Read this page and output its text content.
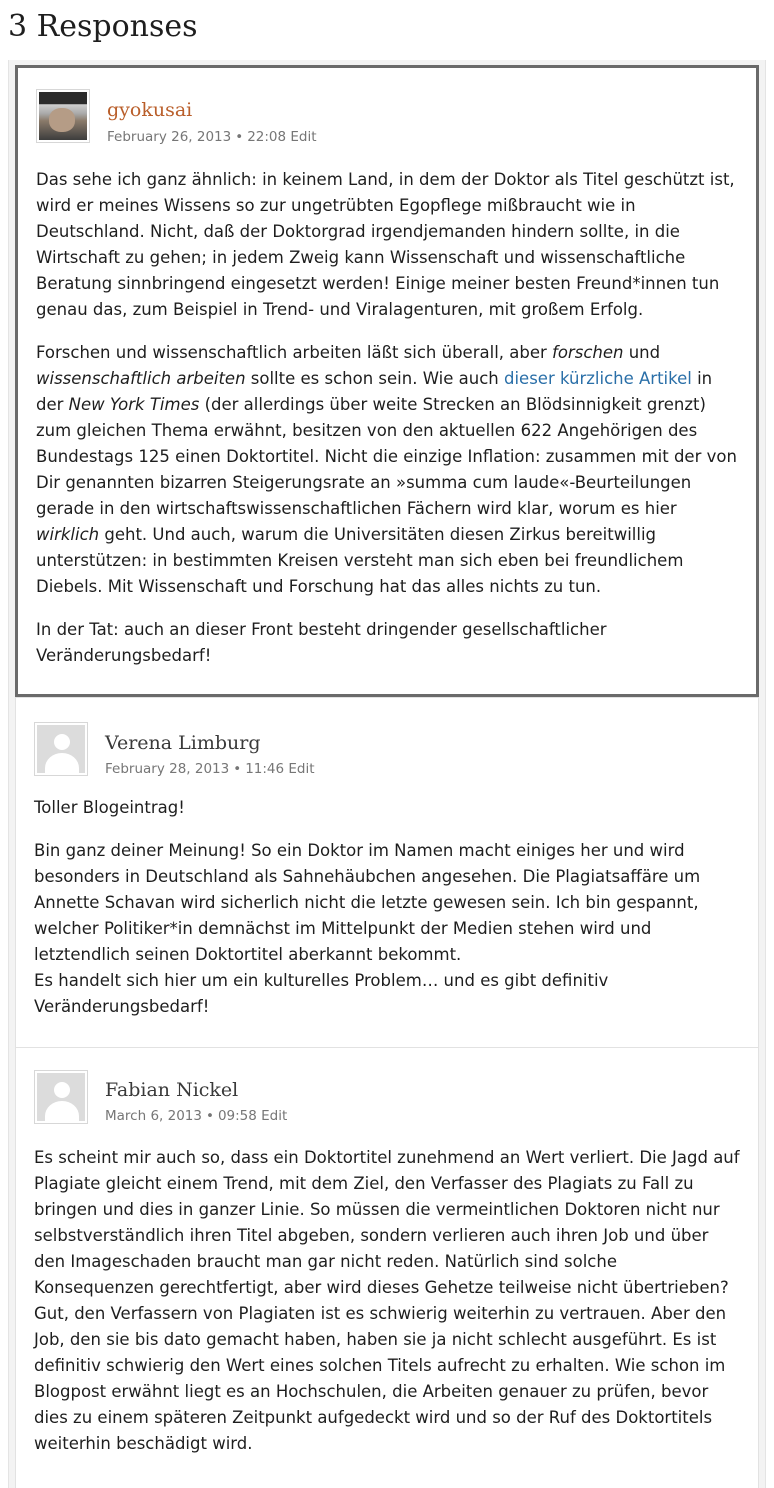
3 Responses
gyokusai
February 26, 2013 • 22:08 Edit

Das sehe ich ganz ähnlich: in keinem Land, in dem der Doktor als Titel geschützt ist, wird er meines Wissens so zur ungetrübten Egopflege mißbraucht wie in Deutschland. Nicht, daß der Doktorgrad irgendjemanden hindern sollte, in die Wirtschaft zu gehen; in jedem Zweig kann Wissenschaft und wissenschaftliche Beratung sinnbringend eingesetzt werden! Einige meiner besten Freund*innen tun genau das, zum Beispiel in Trend- und Viralagenturen, mit großem Erfolg.

Forschen und wissenschaftlich arbeiten läßt sich überall, aber forschen und wissenschaftlich arbeiten sollte es schon sein. Wie auch dieser kürzliche Artikel in der New York Times (der allerdings über weite Strecken an Blödsinnigkeit grenzt) zum gleichen Thema erwähnt, besitzen von den aktuellen 622 Angehörigen des Bundestags 125 einen Doktortitel. Nicht die einzige Inflation: zusammen mit der von Dir genannten bizarren Steigerungsrate an »summa cum laude«-Beurteilungen gerade in den wirtschaftswissenschaftlichen Fächern wird klar, worum es hier wirklich geht. Und auch, warum die Universitäten diesen Zirkus bereitwillig unterstützen: in bestimmten Kreisen versteht man sich eben bei freundlichem Diebels. Mit Wissenschaft und Forschung hat das alles nichts zu tun.

In der Tat: auch an dieser Front besteht dringender gesellschaftlicher Veränderungsbedarf!

Verena Limburg
February 28, 2013 • 11:46 Edit

Toller Blogeintrag!

Bin ganz deiner Meinung! So ein Doktor im Namen macht einiges her und wird besonders in Deutschland als Sahnehäubchen angesehen. Die Plagiatsaffäre um Annette Schavan wird sicherlich nicht die letzte gewesen sein. Ich bin gespannt, welcher Politiker*in demnächst im Mittelpunkt der Medien stehen wird und letztendlich seinen Doktortitel aberkannt bekommt.
Es handelt sich hier um ein kulturelles Problem… und es gibt definitiv Veränderungsbedarf!

Fabian Nickel
March 6, 2013 • 09:58 Edit

Es scheint mir auch so, dass ein Doktortitel zunehmend an Wert verliert. Die Jagd auf Plagiate gleicht einem Trend, mit dem Ziel, den Verfasser des Plagiats zu Fall zu bringen und dies in ganzer Linie. So müssen die vermeintlichen Doktoren nicht nur selbstverständlich ihren Titel abgeben, sondern verlieren auch ihren Job und über den Imageschaden braucht man gar nicht reden. Natürlich sind solche Konsequenzen gerechtfertigt, aber wird dieses Gehetze teilweise nicht übertrieben? Gut, den Verfassern von Plagiaten ist es schwierig weiterhin zu vertrauen. Aber den Job, den sie bis dato gemacht haben, haben sie ja nicht schlecht ausgeführt. Es ist definitiv schwierig den Wert eines solchen Titels aufrecht zu erhalten. Wie schon im Blogpost erwähnt liegt es an Hochschulen, die Arbeiten genauer zu prüfen, bevor dies zu einem späteren Zeitpunkt aufgedeckt wird und so der Ruf des Doktortitels weiterhin beschädigt wird.
